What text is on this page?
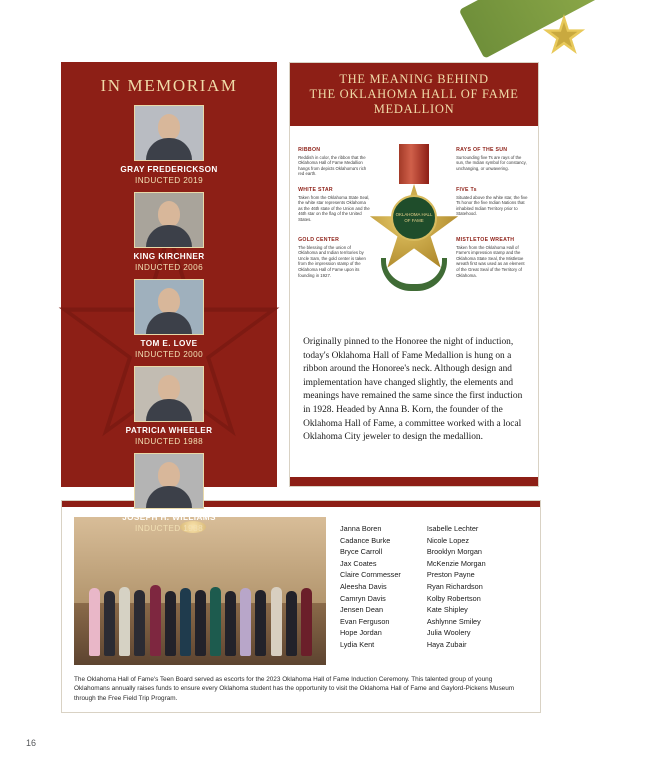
IN MEMORIAM
GRAY FREDERICKSON
INDUCTED 2019
KING KIRCHNER
INDUCTED 2006
TOM E. LOVE
INDUCTED 2000
PATRICIA WHEELER
INDUCTED 1988
JOSEPH H. WILLIAMS
INDUCTED 1988
THE MEANING BEHIND
THE OKLAHOMA HALL OF FAME
MEDALLION
OKLAHOMA HALL OF FAME
RIBBON
Reddish in color, the ribbon that the Oklahoma Hall of Fame Medallion hangs from depicts Oklahoma's rich red earth.
WHITE STAR
Taken from the Oklahoma State Seal, the white star represents Oklahoma as the 46th state of the Union and the 46th star on the flag of the United States.
GOLD CENTER
The blessing of the union of Oklahoma and Indian territories by Uncle Sam, the gold center is taken from the impression stamp of the Oklahoma Hall of Fame upon its founding in 1927.
RAYS OF THE SUN
Surrounding five Ts are rays of the sun, the Indian symbol for constancy, unchanging, or unwavering.
FIVE Ts
Situated above the white star, the five Ts honor the five Indian Nations that inhabited Indian Territory prior to Statehood.
MISTLETOE WREATH
Taken from the Oklahoma Hall of Fame's impression stamp and the Oklahoma State Seal, the Mistletoe wreath first was used as an element of the Great Seal of the Territory of Oklahoma.
Originally pinned to the Honoree the night of induction, today's Oklahoma Hall of Fame Medallion is hung on a ribbon around the Honoree's neck. Although design and implementation have changed slightly, the elements and meanings have remained the same since the first induction in 1928. Headed by Anna B. Korn, the founder of the Oklahoma Hall of Fame, a committee worked with a local Oklahoma City jeweler to design the medallion.
Janna Boren
Cadance Burke
Bryce Carroll
Jax Coates
Claire Cornmesser
Aleesha Davis
Camryn Davis
Jensen Dean
Evan Ferguson
Hope Jordan
Lydia Kent
Isabelle Lechter
Nicole Lopez
Brooklyn Morgan
McKenzie Morgan
Preston Payne
Ryan Richardson
Kolby Robertson
Kate Shipley
Ashlynne Smiley
Julia Woolery
Haya Zubair
The Oklahoma Hall of Fame's Teen Board served as escorts for the 2023 Oklahoma Hall of Fame Induction Ceremony. This talented group of young Oklahomans annually raises funds to ensure every Oklahoma student has the opportunity to visit the Oklahoma Hall of Fame and Gaylord-Pickens Museum through the Free Field Trip Program.
16
